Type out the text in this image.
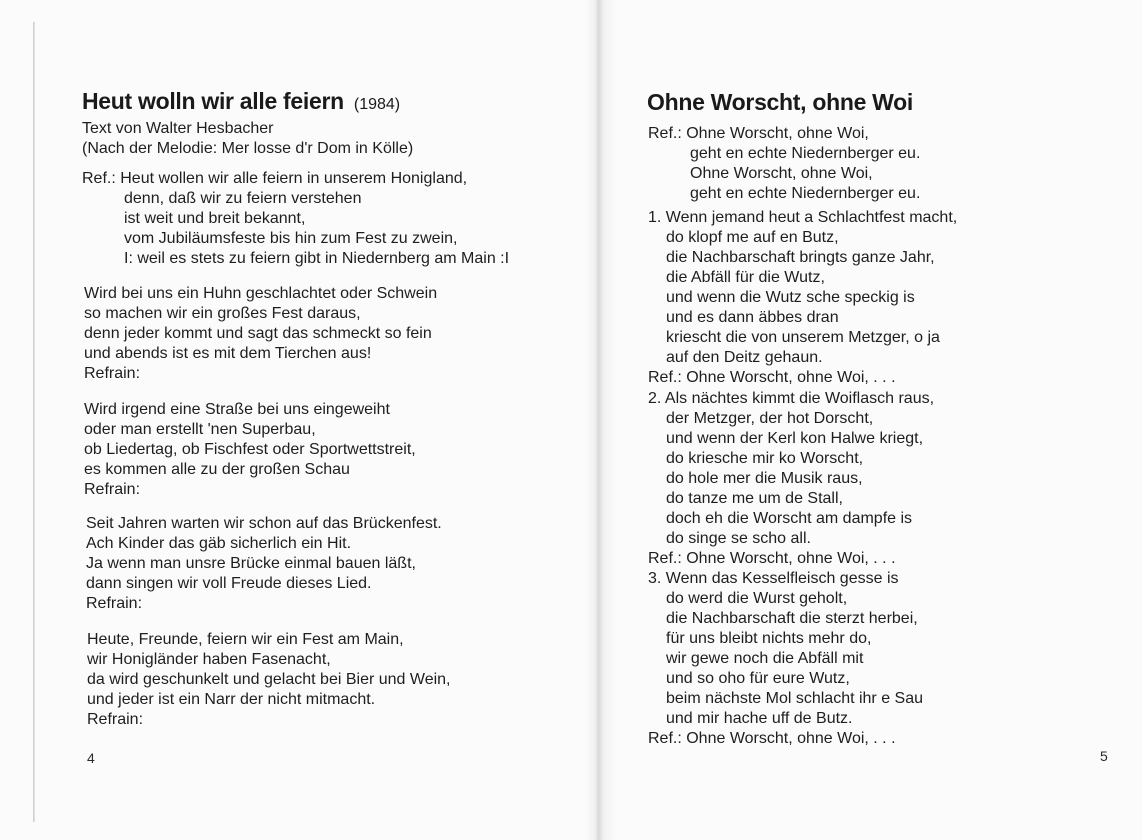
Heut wolln wir alle feiern (1984)
Text von Walter Hesbacher
(Nach der Melodie: Mer losse d'r Dom in Kölle)
Ref.: Heut wollen wir alle feiern in unserem Honigland,
denn, daß wir zu feiern verstehen
ist weit und breit bekannt,
vom Jubiläumsfeste bis hin zum Fest zu zwein,
I: weil es stets zu feiern gibt in Niedernberg am Main :I
Wird bei uns ein Huhn geschlachtet oder Schwein
so machen wir ein großes Fest daraus,
denn jeder kommt und sagt das schmeckt so fein
und abends ist es mit dem Tierchen aus!
Refrain:
Wird irgend eine Straße bei uns eingeweiht
oder man erstellt 'nen Superbau,
ob Liedertag, ob Fischfest oder Sportwettstreit,
es kommen alle zu der großen Schau
Refrain:
Seit Jahren warten wir schon auf das Brückenfest.
Ach Kinder das gäb sicherlich ein Hit.
Ja wenn man unsre Brücke einmal bauen läßt,
dann singen wir voll Freude dieses Lied.
Refrain:
Heute, Freunde, feiern wir ein Fest am Main,
wir Honigländer haben Fasenacht,
da wird geschunkelt und gelacht bei Bier und Wein,
und jeder ist ein Narr der nicht mitmacht.
Refrain:
4
Ohne Worscht, ohne Woi
Ref.: Ohne Worscht, ohne Woi,
geht en echte Niedernberger eu.
Ohne Worscht, ohne Woi,
geht en echte Niedernberger eu.
1. Wenn jemand heut a Schlachtfest macht,
do klopf me auf en Butz,
die Nachbarschaft bringts ganze Jahr,
die Abfäll für die Wutz,
und wenn die Wutz sche speckig is
und es dann äbbes dran
kriescht die von unserem Metzger, o ja
auf den Deitz gehaun.
Ref.: Ohne Worscht, ohne Woi, . . .
2. Als nächtes kimmt die Woiflasch raus,
der Metzger, der hot Dorscht,
und wenn der Kerl kon Halwe kriegt,
do kriesche mir ko Worscht,
do hole mer die Musik raus,
do tanze me um de Stall,
doch eh die Worscht am dampfe is
do singe se scho all.
Ref.: Ohne Worscht, ohne Woi, . . .
3. Wenn das Kesselfleisch gesse is
do werd die Wurst geholt,
die Nachbarschaft die sterzt herbei,
für uns bleibt nichts mehr do,
wir gewe noch die Abfäll mit
und so oho für eure Wutz,
beim nächste Mol schlacht ihr e Sau
und mir hache uff de Butz.
Ref.: Ohne Worscht, ohne Woi, . . .
5
